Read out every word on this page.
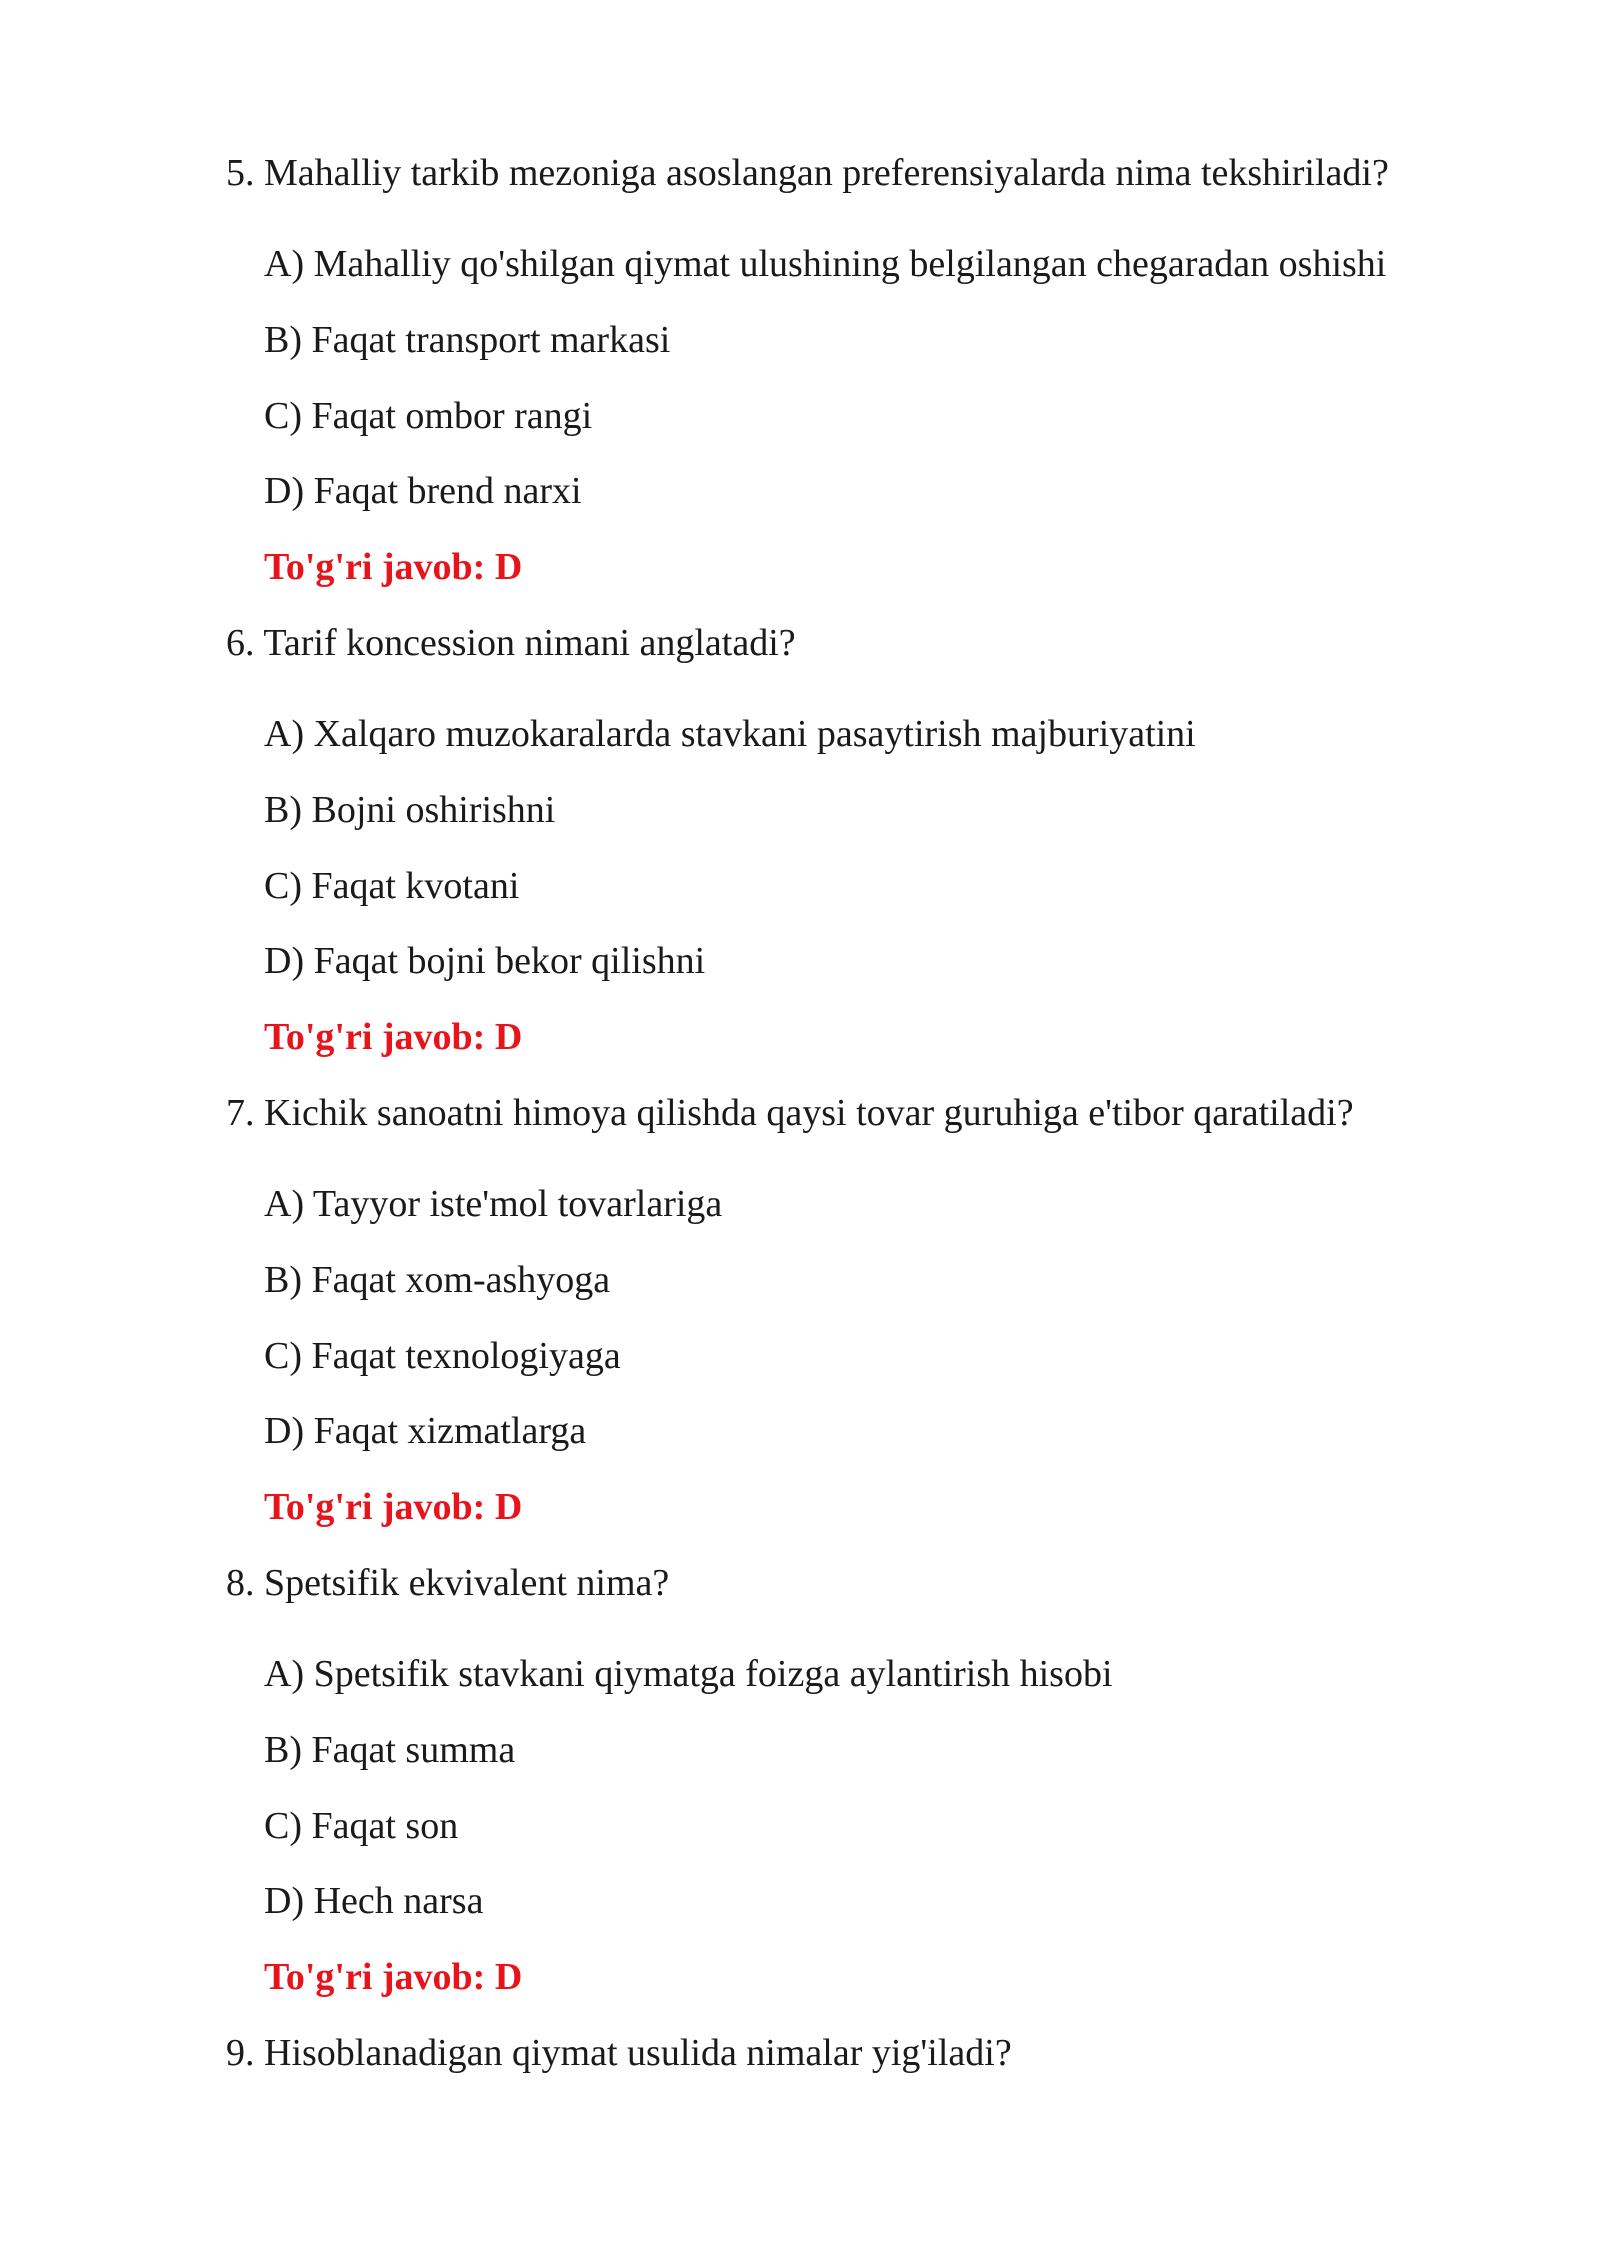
5. Mahalliy tarkib mezoniga asoslangan preferensiyalarda nima tekshiriladi?
A) Mahalliy qo'shilgan qiymat ulushining belgilangan chegaradan oshishi
B) Faqat transport markasi
C) Faqat ombor rangi
D) Faqat brend narxi
To'g'ri javob: D
6. Tarif koncession nimani anglatadi?
A) Xalqaro muzokaralarda stavkani pasaytirish majburiyatini
B) Bojni oshirishni
C) Faqat kvotani
D) Faqat bojni bekor qilishni
To'g'ri javob: D
7. Kichik sanoatni himoya qilishda qaysi tovar guruhiga e'tibor qaratiladi?
A) Tayyor iste'mol tovarlariga
B) Faqat xom-ashyoga
C) Faqat texnologiyaga
D) Faqat xizmatlarga
To'g'ri javob: D
8. Spetsifik ekvivalent nima?
A) Spetsifik stavkani qiymatga foizga aylantirish hisobi
B) Faqat summa
C) Faqat son
D) Hech narsa
To'g'ri javob: D
9. Hisoblanadigan qiymat usulida nimalar yig'iladi?
